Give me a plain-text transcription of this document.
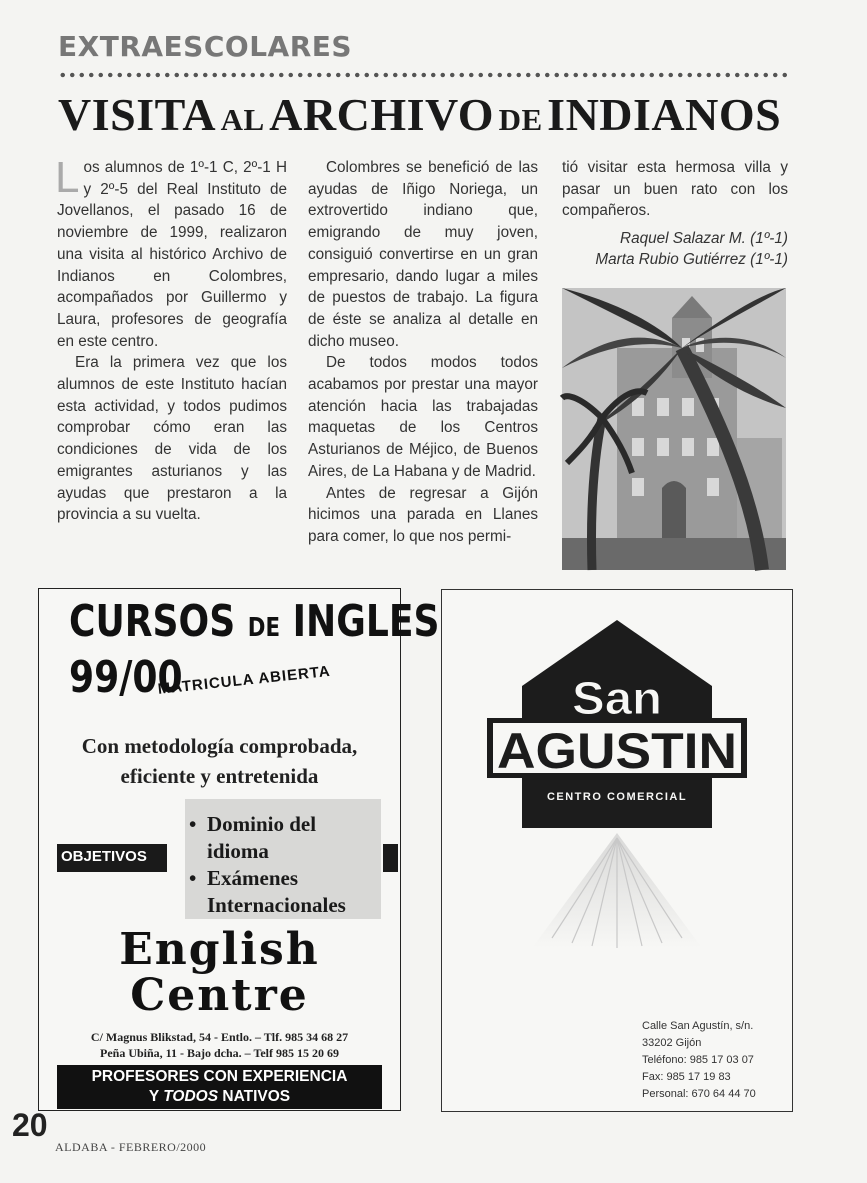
EXTRAESCOLARES
VISITA AL ARCHIVO DE INDIANOS

Los alumnos de 1º-1 C, 2º-1 H y 2º-5 del Real Instituto de Jovellanos, el pasado 16 de noviembre de 1999, realizaron una visita al histórico Archivo de Indianos en Colombres, acompañados por Guillermo y Laura, profesores de geografía en este centro.

Era la primera vez que los alumnos de este Instituto hacían esta actividad, y todos pudimos comprobar cómo eran las condiciones de vida de los emigrantes asturianos y las ayudas que prestaron a la provincia a su vuelta.

Colombres se benefició de las ayudas de Iñigo Noriega, un extrovertido indiano que, emigrando de muy joven, consiguió convertirse en un gran empresario, dando lugar a miles de puestos de trabajo. La figura de éste se analiza al detalle en dicho museo.

De todos modos todos acabamos por prestar una mayor atención hacia las trabajadas maquetas de los Centros Asturianos de Méjico, de Buenos Aires, de La Habana y de Madrid.

Antes de regresar a Gijón hicimos una parada en Llanes para comer, lo que nos permi-

tió visitar esta hermosa villa y pasar un buen rato con los compañeros.

Raquel Salazar M. (1º-1)
Marta Rubio Gutiérrez (1º-1)
CURSOS DE INGLES
99/00
MATRICULA ABIERTA
Con metodología comprobada,
eficiente y entretenida
OBJETIVOS
• Dominio del
idioma
• Exámenes
Internacionales
English
Centre
C/ Magnus Blikstad, 54 - Entlo. – Tlf. 985 34 68 27
Peña Ubiña, 11 - Bajo dcha. – Telf 985 15 20 69
PROFESORES CON EXPERIENCIA
Y TODOS NATIVOS
San
AGUSTIN
CENTRO COMERCIAL
Calle San Agustín, s/n.
33202 Gijón
Teléfono: 985 17 03 07
Fax: 985 17 19 83
Personal: 670 64 44 70
20
ALDABA - FEBRERO/2000
